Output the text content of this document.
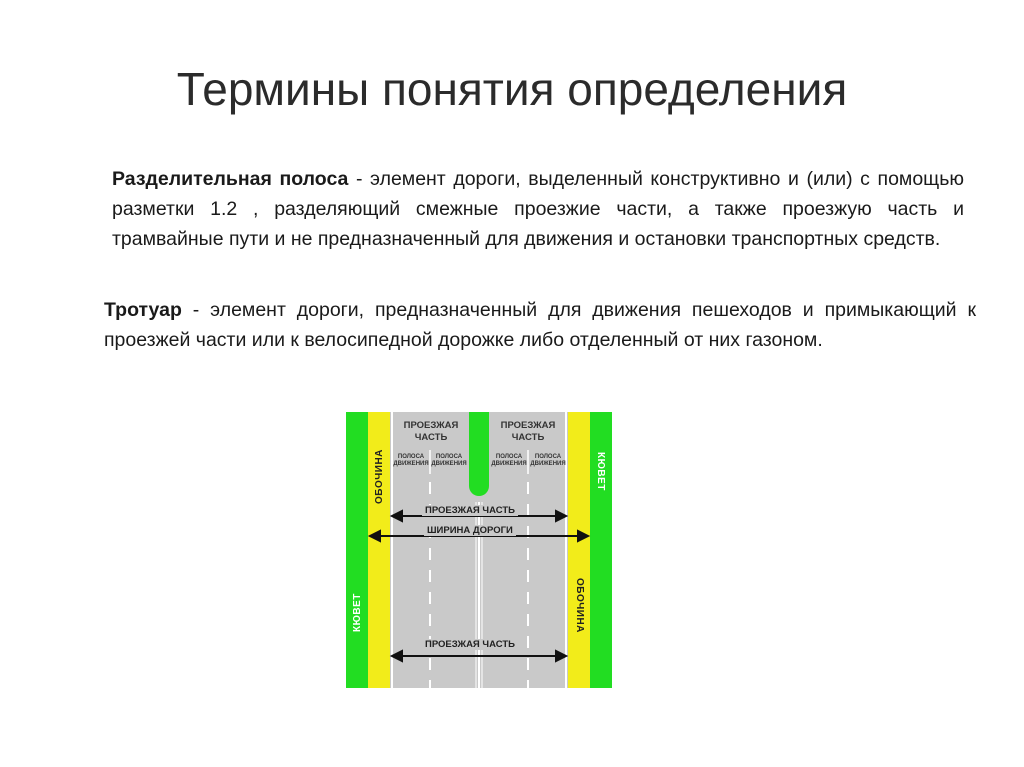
Термины понятия определения
Разделительная полоса - элемент дороги, выделенный конструктивно и (или) с помощью разметки 1.2 , разделяющий смежные проезжие части, а также проезжую часть и трамвайные пути и не предназначенный для движения и остановки транспортных средств.
Тротуар - элемент дороги, предназначенный для движения пешеходов и примыкающий к проезжей части или к велосипедной дорожке либо отделенный от них газоном.
ПРОЕЗЖАЯ ЧАСТЬ
ПРОЕЗЖАЯ ЧАСТЬ
ПОЛОСА ДВИЖЕНИЯ
ПОЛОСА ДВИЖЕНИЯ
ПОЛОСА ДВИЖЕНИЯ
ПОЛОСА ДВИЖЕНИЯ
ПРОЕЗЖАЯ ЧАСТЬ
ШИРИНА ДОРОГИ
ПРОЕЗЖАЯ ЧАСТЬ
ОБОЧИНА	КЮВЕТ
КЮВЕТ	ОБОЧИНА
